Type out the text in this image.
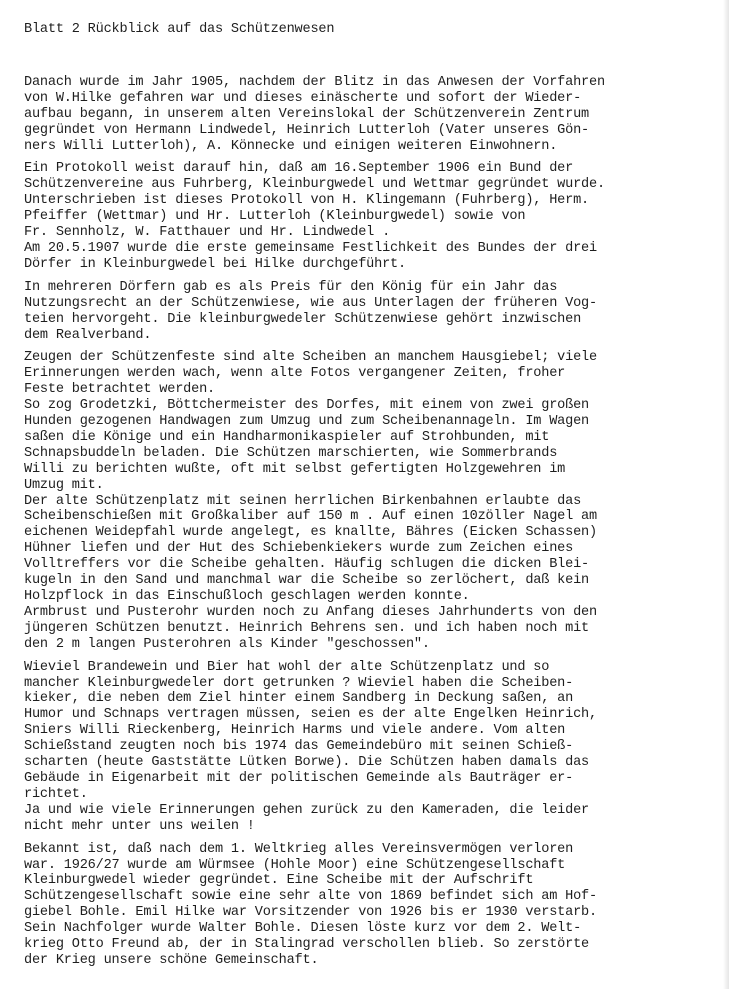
Blatt 2 Rückblick auf das Schützenwesen
Danach wurde im Jahr 1905, nachdem der Blitz in das Anwesen der Vorfahren
von W.Hilke gefahren war und dieses einäscherte und sofort der Wieder-
aufbau begann, in unserem alten Vereinslokal der Schützenverein Zentrum
gegründet von Hermann Lindwedel, Heinrich Lutterloh (Vater unseres Gön-
ners Willi Lutterloh), A. Könnecke und einigen weiteren Einwohnern.
Ein Protokoll weist darauf hin, daß am 16.September 1906 ein Bund der
Schützenvereine aus Fuhrberg, Kleinburgwedel und Wettmar gegründet wurde.
Unterschrieben ist dieses Protokoll von H. Klingemann (Fuhrberg), Herm.
Pfeiffer (Wettmar) und Hr. Lutterloh (Kleinburgwedel) sowie von
Fr. Sennholz, W. Fatthauer und Hr. Lindwedel .
Am 20.5.1907 wurde die erste gemeinsame Festlichkeit des Bundes der drei
Dörfer in Kleinburgwedel bei Hilke durchgeführt.
In mehreren Dörfern gab es als Preis für den König für ein Jahr das
Nutzungsrecht an der Schützenwiese, wie aus Unterlagen der früheren Vog-
teien hervorgeht. Die kleinburgwedeler Schützenwiese gehört inzwischen
dem Realverband.
Zeugen der Schützenfeste sind alte Scheiben an manchem Hausgiebel; viele
Erinnerungen werden wach, wenn alte Fotos vergangener Zeiten, froher
Feste betrachtet werden.
So zog Grodetzki, Böttchermeister des Dorfes, mit einem von zwei großen
Hunden gezogenen Handwagen zum Umzug und zum Scheibenannageln. Im Wagen
saßen die Könige und ein Handharmonikaspieler auf Strohbunden, mit
Schnapsbuddeln beladen. Die Schützen marschierten, wie Sommerbrands
Willi zu berichten wußte, oft mit selbst gefertigten Holzgewehren im
Umzug mit.
Der alte Schützenplatz mit seinen herrlichen Birkenbahnen erlaubte das
Scheibenschießen mit Großkaliber auf 150 m . Auf einen 10zöller Nagel am
eichenen Weidepfahl wurde angelegt, es knallte, Bähres (Eicken Schassen)
Hühner liefen und der Hut des Schiebenkiekers wurde zum Zeichen eines
Volltreffers vor die Scheibe gehalten. Häufig schlugen die dicken Blei-
kugeln in den Sand und manchmal war die Scheibe so zerlöchert, daß kein
Holzpflock in das Einschußloch geschlagen werden konnte.
Armbrust und Pusterohr wurden noch zu Anfang dieses Jahrhunderts von den
jüngeren Schützen benutzt. Heinrich Behrens sen. und ich haben noch mit
den 2 m langen Pusterohren als Kinder "geschossen".
Wieviel Brandewein und Bier hat wohl der alte Schützenplatz und so
mancher Kleinburgwedeler dort getrunken ? Wieviel haben die Scheiben-
kieker, die neben dem Ziel hinter einem Sandberg in Deckung saßen, an
Humor und Schnaps vertragen müssen, seien es der alte Engelken Heinrich,
Sniers Willi Rieckenberg, Heinrich Harms und viele andere. Vom alten
Schießstand zeugten noch bis 1974 das Gemeindebüro mit seinen Schieß-
scharten (heute Gaststätte Lütken Borwe). Die Schützen haben damals das
Gebäude in Eigenarbeit mit der politischen Gemeinde als Bauträger er-
richtet.
Ja und wie viele Erinnerungen gehen zurück zu den Kameraden, die leider
nicht mehr unter uns weilen !
Bekannt ist, daß nach dem 1. Weltkrieg alles Vereinsvermögen verloren
war. 1926/27 wurde am Würmsee (Hohle Moor) eine Schützengesellschaft
Kleinburgwedel wieder gegründet. Eine Scheibe mit der Aufschrift
Schützengesellschaft sowie eine sehr alte von 1869 befindet sich am Hof-
giebel Bohle. Emil Hilke war Vorsitzender von 1926 bis er 1930 verstarb.
Sein Nachfolger wurde Walter Bohle. Diesen löste kurz vor dem 2. Welt-
krieg Otto Freund ab, der in Stalingrad verschollen blieb. So zerstörte
der Krieg unsere schöne Gemeinschaft.
